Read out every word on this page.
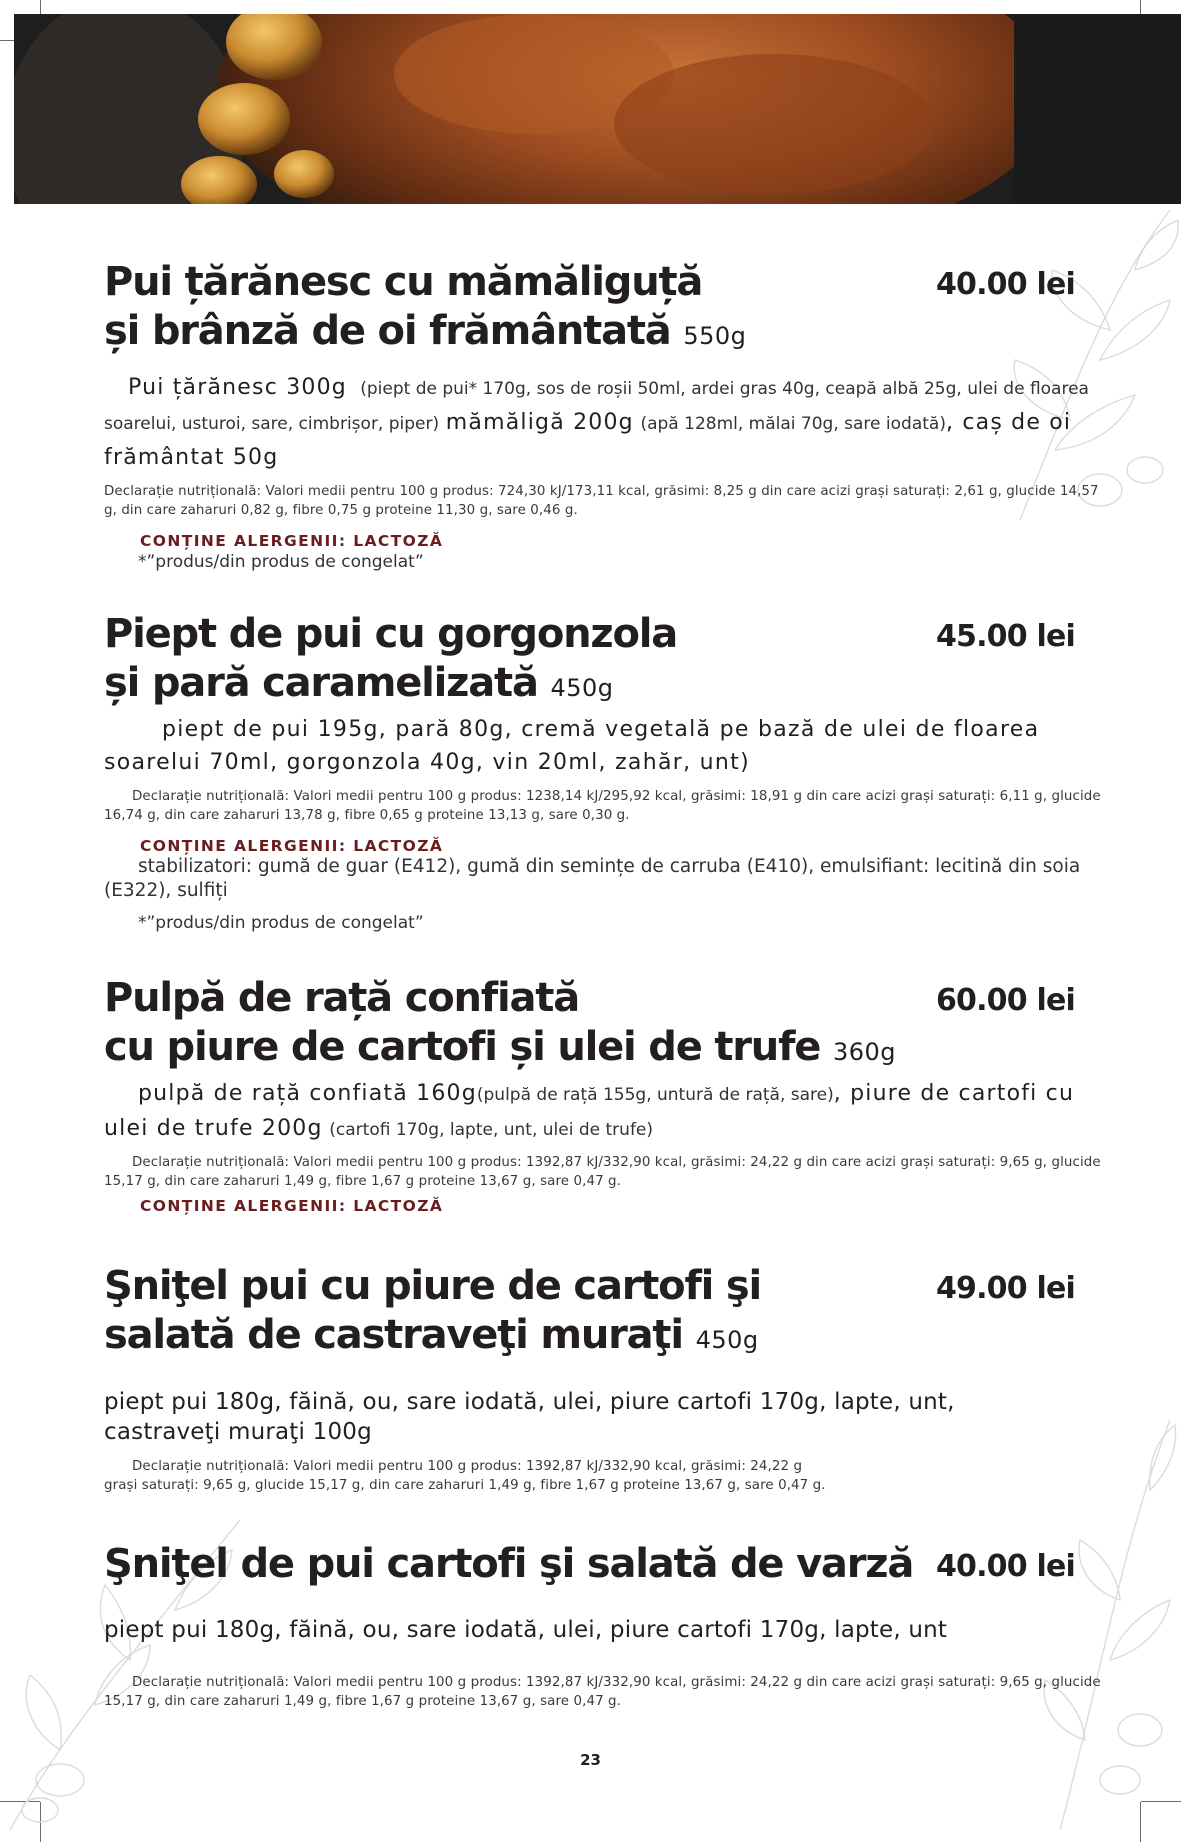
Pui țărănesc cu mămăliguță
și brânză de oi frământată 550g
40.00 lei
Pui țărănesc 300g (piept de pui* 170g, sos de roșii 50ml, ardei gras 40g, ceapă albă 25g, ulei de floarea soarelui, usturoi, sare, cimbrișor, piper) mămăligă 200g (apă 128ml, mălai 70g, sare iodată), caș de oi frământat 50g
Declarație nutrițională: Valori medii pentru 100 g produs: 724,30 kJ/173,11 kcal, grăsimi: 8,25 g din care acizi grași saturați: 2,61 g, glucide 14,57 g, din care zaharuri 0,82 g, fibre 0,75 g proteine 11,30 g, sare 0,46 g.
CONȚINE ALERGENII: LACTOZĂ
*”produs/din produs de congelat”
Piept de pui cu gorgonzola
și pară caramelizată 450g
45.00 lei
piept de pui 195g, pară 80g, cremă vegetală pe bază de ulei de floarea soarelui 70ml, gorgonzola 40g, vin 20ml, zahăr, unt)
Declarație nutrițională: Valori medii pentru 100 g produs: 1238,14 kJ/295,92 kcal, grăsimi: 18,91 g din care acizi grași saturați: 6,11 g, glucide 16,74 g, din care zaharuri 13,78 g, fibre 0,65 g proteine 13,13 g, sare 0,30 g.
CONȚINE ALERGENII: LACTOZĂ
stabilizatori: gumă de guar (E412), gumă din semințe de carruba (E410), emulsifiant: lecitină din soia (E322), sulfiți
*”produs/din produs de congelat”
Pulpă de rață confiată
cu piure de cartofi și ulei de trufe 360g
60.00 lei
pulpă de rață confiată 160g(pulpă de rață 155g, untură de rață, sare), piure de cartofi cu ulei de trufe 200g (cartofi 170g, lapte, unt, ulei de trufe)
Declarație nutrițională: Valori medii pentru 100 g produs: 1392,87 kJ/332,90 kcal, grăsimi: 24,22 g din care acizi grași saturați: 9,65 g, glucide 15,17 g, din care zaharuri 1,49 g, fibre 1,67 g proteine 13,67 g, sare 0,47 g.
CONȚINE ALERGENII: LACTOZĂ
Şniţel pui cu piure de cartofi şi
salată de castraveţi muraţi 450g
49.00 lei
piept pui 180g, făină, ou, sare iodată, ulei, piure cartofi 170g, lapte, unt, castraveţi muraţi 100g
Declarație nutrițională: Valori medii pentru 100 g produs: 1392,87 kJ/332,90 kcal, grăsimi: 24,22 g
grași saturați: 9,65 g, glucide 15,17 g, din care zaharuri 1,49 g, fibre 1,67 g proteine 13,67 g, sare 0,47 g.
Şniţel de pui cartofi şi salată de varză 40.00 lei
piept pui 180g, făină, ou, sare iodată, ulei, piure cartofi 170g, lapte, unt
Declarație nutrițională: Valori medii pentru 100 g produs: 1392,87 kJ/332,90 kcal, grăsimi: 24,22 g din care acizi grași saturați: 9,65 g, glucide 15,17 g, din care zaharuri 1,49 g, fibre 1,67 g proteine 13,67 g, sare 0,47 g.
23
